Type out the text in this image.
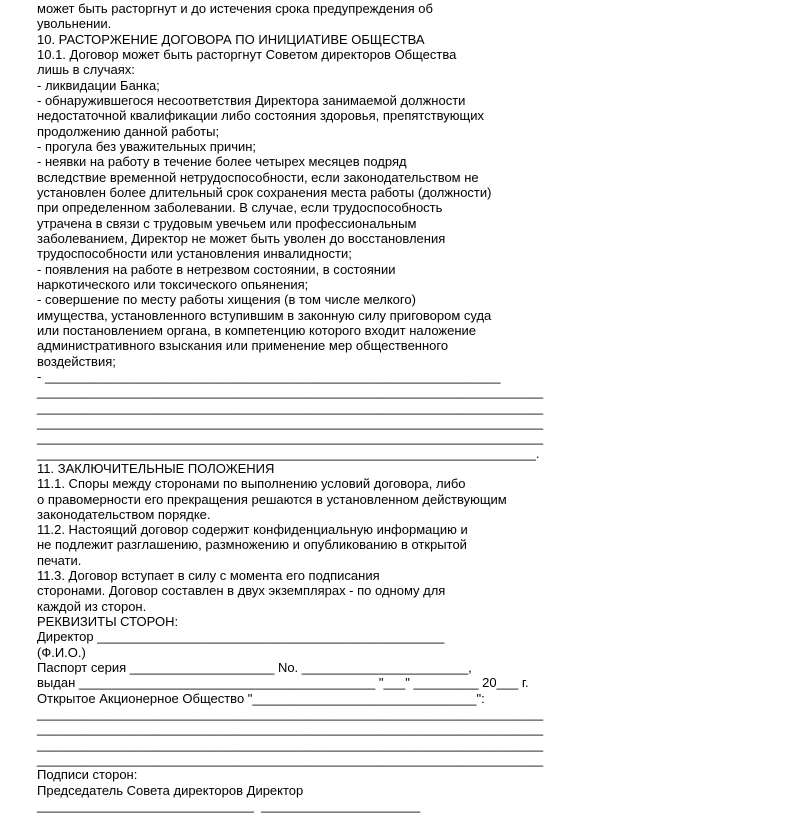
может быть расторгнут и до истечения срока предупреждения об
увольнении.
10. РАСТОРЖЕНИЕ ДОГОВОРА ПО ИНИЦИАТИВЕ ОБЩЕСТВА
10.1. Договор может быть расторгнут Советом директоров Общества
лишь в случаях:
- ликвидации Банка;
- обнаружившегося несоответствия Директора занимаемой должности
недостаточной квалификации либо состояния здоровья, препятствующих
продолжению данной работы;
- прогула без уважительных причин;
- неявки на работу в течение более четырех месяцев подряд
вследствие временной нетрудоспособности, если законодательством не
установлен более длительный срок сохранения места работы (должности)
при определенном заболевании. В случае, если трудоспособность
утрачена в связи с трудовым увечьем или профессиональным
заболеванием, Директор не может быть уволен до восстановления
трудоспособности или установления инвалидности;
- появления на работе в нетрезвом состоянии, в состоянии
наркотического или токсического опьянения;
- совершение по месту работы хищения (в том числе мелкого)
имущества, установленного вступившим в законную силу приговором суда
или постановлением органа, в компетенцию которого входит наложение
административного взыскания или применение мер общественного
воздействия;
- _______________________________________________________________
______________________________________________________________________
______________________________________________________________________
______________________________________________________________________
______________________________________________________________________
_____________________________________________________________________.
11. ЗАКЛЮЧИТЕЛЬНЫЕ ПОЛОЖЕНИЯ
11.1. Споры между сторонами по выполнению условий договора, либо
о правомерности его прекращения решаются в установленном действующим
законодательством порядке.
11.2. Настоящий договор содержит конфиденциальную информацию и
не подлежит разглашению, размножению и опубликованию в открытой
печати.
11.3. Договор вступает в силу с момента его подписания
сторонами. Договор составлен в двух экземплярах - по одному для
каждой из сторон.
РЕКВИЗИТЫ СТОРОН:
Директор ________________________________________________
(Ф.И.О.)
Паспорт серия ____________________ No. _______________________,
выдан _________________________________________ "___" _________ 20___ г.
Открытое Акционерное Общество "_______________________________":
______________________________________________________________________
______________________________________________________________________
______________________________________________________________________
______________________________________________________________________
Подписи сторон:
Председатель Совета директоров Директор
______________________________  ______________________
